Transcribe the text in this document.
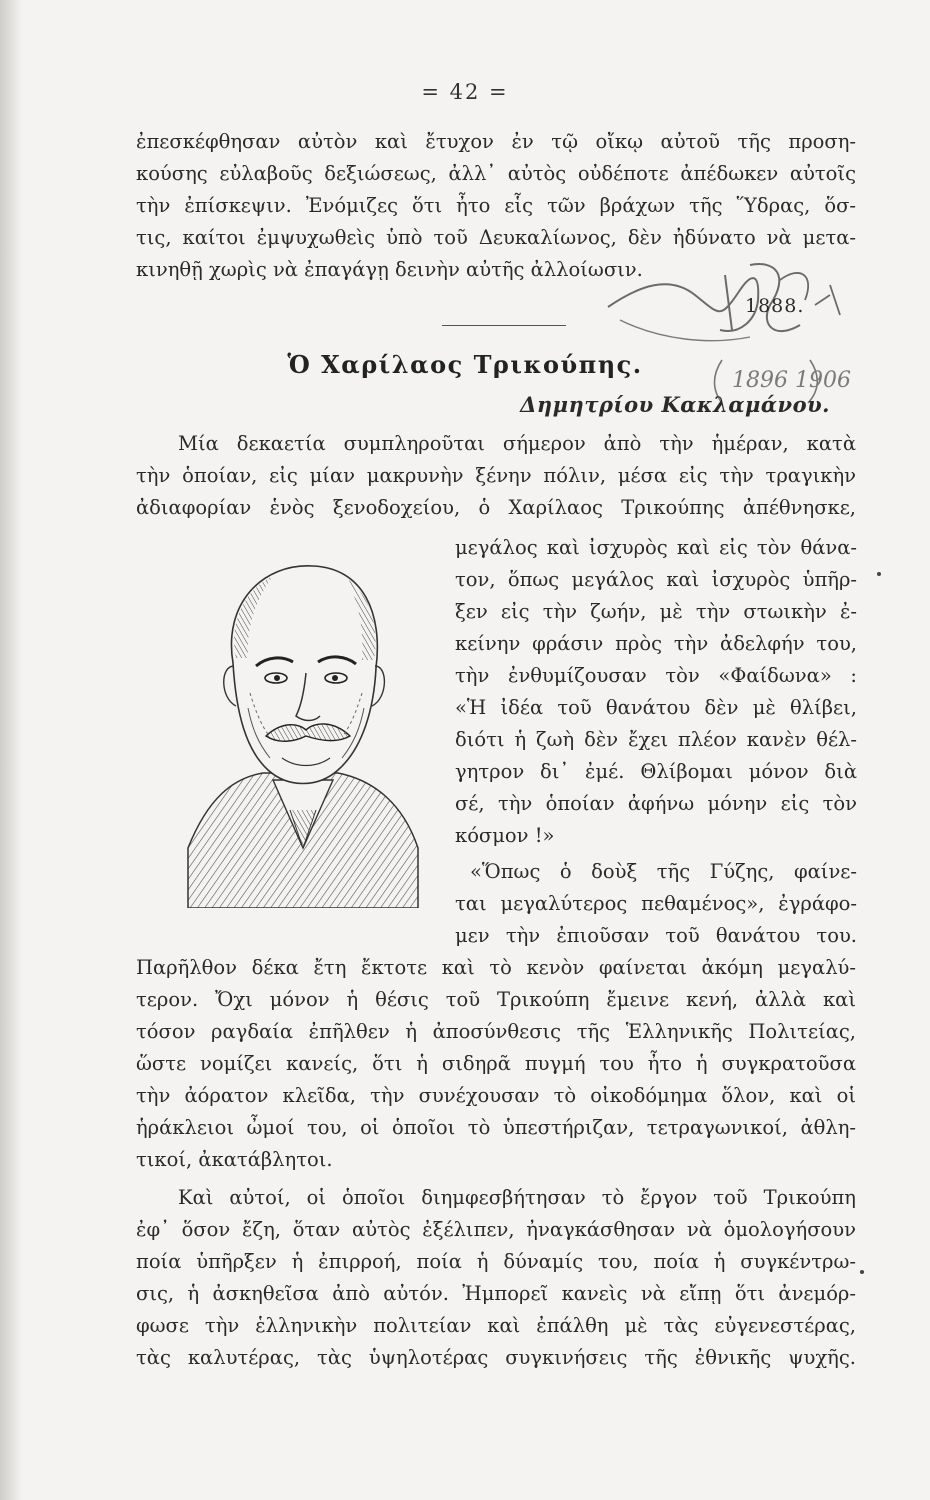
= 42 =
ἐπεσκέφθησαν αὐτὸν καὶ ἔτυχον ἐν τῷ οἴκῳ αὐτοῦ τῆς προση-
κούσης εὐλαβοῦς δεξιώσεως, ἀλλ᾽ αὐτὸς οὐδέποτε ἀπέδωκεν αὐτοῖς
τὴν ἐπίσκεψιν. Ἐνόμιζες ὅτι ἦτο εἷς τῶν βράχων τῆς Ὕδρας, ὅσ-
τις, καίτοι ἐμψυχωθεὶς ὑπὸ τοῦ Δευκαλίωνος, δὲν ἠδύνατο νὰ μετα-
κινηθῇ χωρὶς νὰ ἐπαγάγῃ δεινὴν αὐτῆς ἀλλοίωσιν.
1888.
Ὁ Χαρίλαος Τρικούπης.
1896 1906
Δημητρίου Κακλαμάνου.
Μία δεκαετία συμπληροῦται σήμερον ἀπὸ τὴν ἡμέραν, κατὰ
τὴν ὁποίαν, εἰς μίαν μακρυνὴν ξένην πόλιν, μέσα εἰς τὴν τραγικὴν
ἀδιαφορίαν ἑνὸς ξενοδοχείου, ὁ Χαρίλαος Τρικούπης ἀπέθνησκε,
μεγάλος καὶ ἰσχυρὸς καὶ εἰς τὸν θάνα-
τον, ὅπως μεγάλος καὶ ἰσχυρὸς ὑπῆρ-
ξεν εἰς τὴν ζωήν, μὲ τὴν στωικὴν ἐ-
κείνην φράσιν πρὸς τὴν ἀδελφήν του,
τὴν ἐνθυμίζουσαν τὸν «Φαίδωνα» :
«Ἡ ἰδέα τοῦ θανάτου δὲν μὲ θλίβει,
διότι ἡ ζωὴ δὲν ἔχει πλέον κανὲν θέλ-
γητρον δι᾽ ἐμέ. Θλίβομαι μόνον διὰ
σέ, τὴν ὁποίαν ἀφήνω μόνην εἰς τὸν
κόσμον !»
«Ὅπως ὁ δοὺξ τῆς Γύζης, φαίνε-
ται μεγαλύτερος πεθαμένος», ἐγράφο-
μεν τὴν ἐπιοῦσαν τοῦ θανάτου του.
Παρῆλθον δέκα ἔτη ἔκτοτε καὶ τὸ κενὸν φαίνεται ἀκόμη μεγαλύ-
τερον. Ὄχι μόνον ἡ θέσις τοῦ Τρικούπη ἔμεινε κενή, ἀλλὰ καὶ
τόσον ραγδαία ἐπῆλθεν ἡ ἀποσύνθεσις τῆς Ἑλληνικῆς Πολιτείας,
ὥστε νομίζει κανείς, ὅτι ἡ σιδηρᾶ πυγμή του ἦτο ἡ συγκρατοῦσα
τὴν ἀόρατον κλεῖδα, τὴν συνέχουσαν τὸ οἰκοδόμημα ὅλον, καὶ οἱ
ἡράκλειοι ὦμοί του, οἱ ὁποῖοι τὸ ὑπεστήριζαν, τετραγωνικοί, ἀθλη-
τικοί, ἀκατάβλητοι.
Καὶ αὐτοί, οἱ ὁποῖοι διημφεσβήτησαν τὸ ἔργον τοῦ Τρικούπη
ἐφ᾽ ὅσον ἔζη, ὅταν αὐτὸς ἐξέλιπεν, ἠναγκάσθησαν νὰ ὁμολογήσουν
ποία ὑπῆρξεν ἡ ἐπιρροή, ποία ἡ δύναμίς του, ποία ἡ συγκέντρω-
σις, ἡ ἀσκηθεῖσα ἀπὸ αὐτόν. Ἠμπορεῖ κανεὶς νὰ εἴπῃ ὅτι ἀνεμόρ-
φωσε τὴν ἑλληνικὴν πολιτείαν καὶ ἐπάλθη μὲ τὰς εὐγενεστέρας,
τὰς καλυτέρας, τὰς ὑψηλοτέρας συγκινήσεις τῆς ἐθνικῆς ψυχῆς.
